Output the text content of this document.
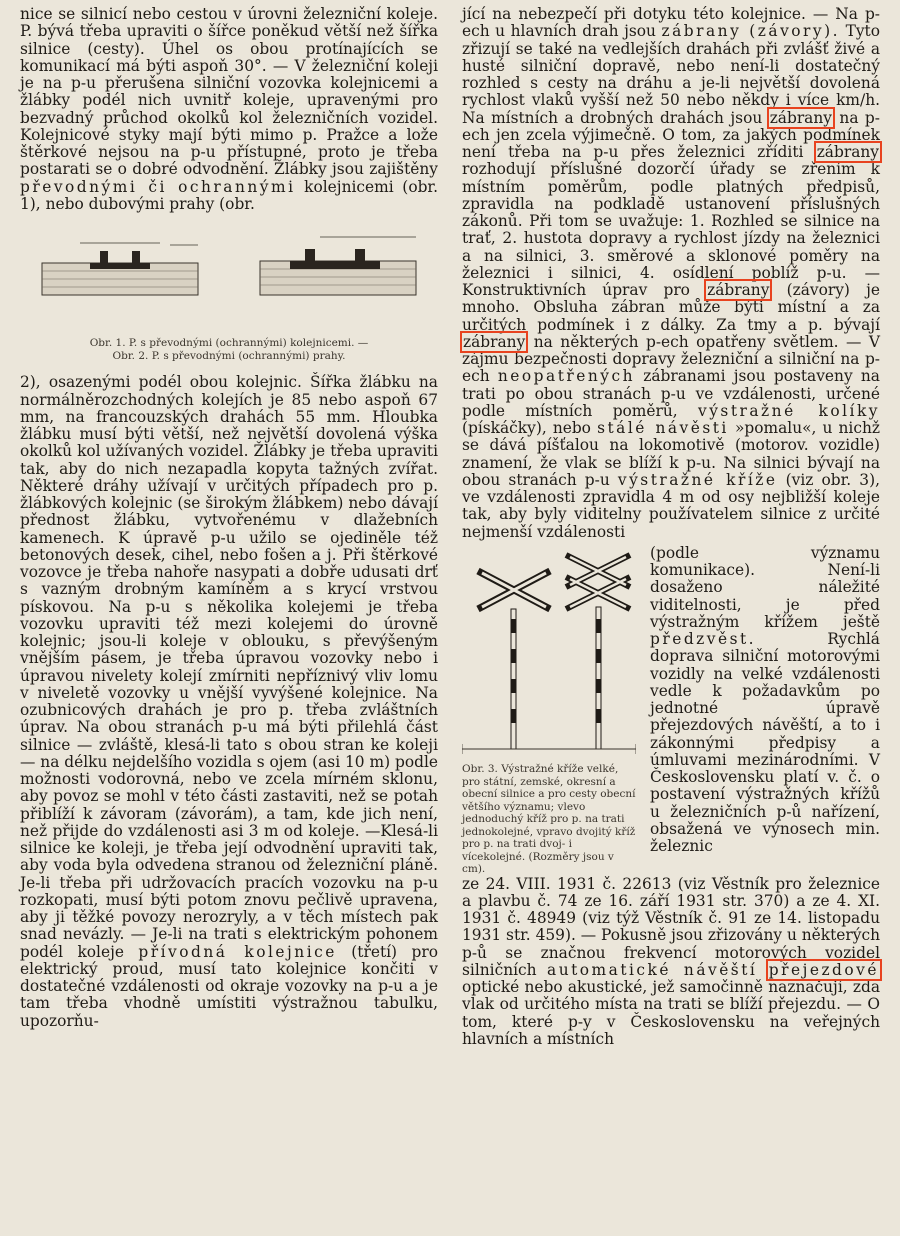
nice se silnicí nebo cestou v úrovni železniční koleje. P. bývá třeba upraviti o šířce poněkud větší než šířka silnice (cesty). Úhel os obou protínajících se komunikací má býti aspoň 30°. — V železniční koleji je na p-u přerušena silniční vozovka kolejnicemi a žlábky podél nich uvnitř koleje, upravenými pro bezvadný průchod okolků kol železničních vozidel. Kolejnicové styky mají býti mimo p. Pražce a lože štěrkové nejsou na p-u přístupné, proto je třeba postarati se o dobré odvodnění. Žlábky jsou zajištěny převodnými či ochrannými kolejnicemi (obr. 1), nebo dubovými prahy (obr.

Obr. 1. P. s převodnými (ochrannými) kolejnicemi. —
Obr. 2. P. s převodnými (ochrannými) prahy.

2), osazenými podél obou kolejnic. Šířka žlábku na normálněrozchodných kolejích je 85 nebo aspoň 67 mm, na francouzských drahách 55 mm. Hloubka žlábku musí býti větší, než největší dovolená výška okolků kol užívaných vozidel. Žlábky je třeba upraviti tak, aby do nich nezapadla kopyta tažných zvířat. Některé dráhy užívají v určitých případech pro p. žlábkových kolejnic (se širokým žlábkem) nebo dávají přednost žlábku, vytvořenému v dlažebních kamenech. K úpravě p-u užilo se ojediněle též betonových desek, cihel, nebo fošen a j. Při štěrkové vozovce je třeba nahoře nasypati a dobře udusati drť s vazným drobným kamíněm a s krycí vrstvou pískovou. Na p-u s několika kolejemi je třeba vozovku upraviti též mezi kolejemi do úrovně kolejnic; jsou-li koleje v oblouku, s převýšeným vnějším pásem, je třeba úpravou vozovky nebo i úpravou nivelety kolejí zmírniti nepříznivý vliv lomu v niveletě vozovky u vnější vyvýšené kolejnice. Na ozubnicových drahách je pro p. třeba zvláštních úprav. Na obou stranách p-u má býti přilehlá část silnice — zvláště, klesá-li tato s obou stran ke koleji — na délku nejdelšího vozidla s ojem (asi 10 m) podle možnosti vodorovná, nebo ve zcela mírném sklonu, aby povoz se mohl v této části zastaviti, než se potah přiblíží k závoram (závorám), a tam, kde jich není, než přijde do vzdálenosti asi 3 m od koleje. —Klesá-li silnice ke koleji, je třeba její odvodnění upraviti tak, aby voda byla odvedena stranou od železniční pláně. Je-li třeba při udržovacích pracích vozovku na p-u rozkopati, musí býti potom znovu pečlivě upravena, aby ji těžké povozy nerozryly, a v těch místech pak snad nevázly. — Je-li na trati s elektrickým pohonem podél koleje přívodná kolejnice (třetí) pro elektrický proud, musí tato kolejnice končiti v dostatečné vzdálenosti od okraje vozovky na p-u a je tam třeba vhodně umístiti výstražnou tabulku, upozorňu-

jící na nebezpečí při dotyku této kolejnice. — Na p-ech u hlavních drah jsou zábrany (závory). Tyto zřizují se také na vedlejších drahách při zvlášť živé a husté silniční dopravě, nebo není-li dostatečný rozhled s cesty na dráhu a je-li největší dovolená rychlost vlaků vyšší než 50 nebo někdy i více km/h. Na místních a drobných drahách jsou zábrany na p-ech jen zcela výjimečně. O tom, za jakých podmínek není třeba na p-u přes železnici zříditi zábrany rozhodují příslušné dozorčí úřady se zřením k místním poměrům, podle platných předpisů, zpravidla na podkladě ustanovení příslušných zákonů. Při tom se uvažuje: 1. Rozhled se silnice na trať, 2. hustota dopravy a rychlost jízdy na železnici a na silnici, 3. směrové a sklonové poměry na železnici i silnici, 4. osídlení poblíž p-u. — Konstruktivních úprav pro zábrany (závory) je mnoho. Obsluha zábran může býti místní a za určitých podmínek i z dálky. Za tmy a p. bývají zábrany na některých p-ech opatřeny světlem. — V zájmu bezpečnosti dopravy železniční a silniční na p-ech neopatřených zábranami jsou postaveny na trati po obou stranách p-u ve vzdálenosti, určené podle místních poměrů, výstražné kolíky (pískáčky), nebo stálé návěsti »pomalu«, u nichž se dává píšťalou na lokomotivě (motorov. vozidle) znamení, že vlak se blíží k p-u. Na silnici bývají na obou stranách p-u výstražné kříže (viz obr. 3), ve vzdálenosti zpravidla 4 m od osy nejbližší koleje tak, aby byly viditelny používatelem silnice z určité nejmenší vzdálenosti

Obr. 3. Výstražné kříže velké, pro státní, zemské, okresní a obecní silnice a pro cesty obecní většího významu; vlevo jednoduchý kříž pro p. na trati jednokolejné, vpravo dvojitý kříž pro p. na trati dvoj- i vícekolejné. (Rozměry jsou v cm).

(podle významu komunikace). Není-li dosaženo náležité viditelnosti, je před výstražným křížem ještě předzvěst.	Rychlá doprava silniční motorovými vozidly na velké vzdálenosti vedle k požadavkům po jednotné úpravě přejezdových návěští, a to i zákonnými předpisy a úmluvami mezinárodními. V Československu platí v. č. o postavení výstražných křížů u železničních p-ů nařízení, obsažená ve výnosech min. železnic

ze 24. VIII. 1931 č. 22613 (viz Věstník pro železnice a plavbu č. 74 ze 16. září 1931 str. 370) a ze 4. XI. 1931 č. 48949 (viz týž Věstník č. 91 ze 14. listopadu 1931 str. 459). — Pokusně jsou zřizovány u některých p-ů se značnou frekvencí motorových vozidel silničních automatické návěští přejezdové optické nebo akustické, jež samočinně naznačují, zda vlak od určitého místa na trati se blíží přejezdu. — O tom, které p-y v Československu na veřejných hlavních a místních
